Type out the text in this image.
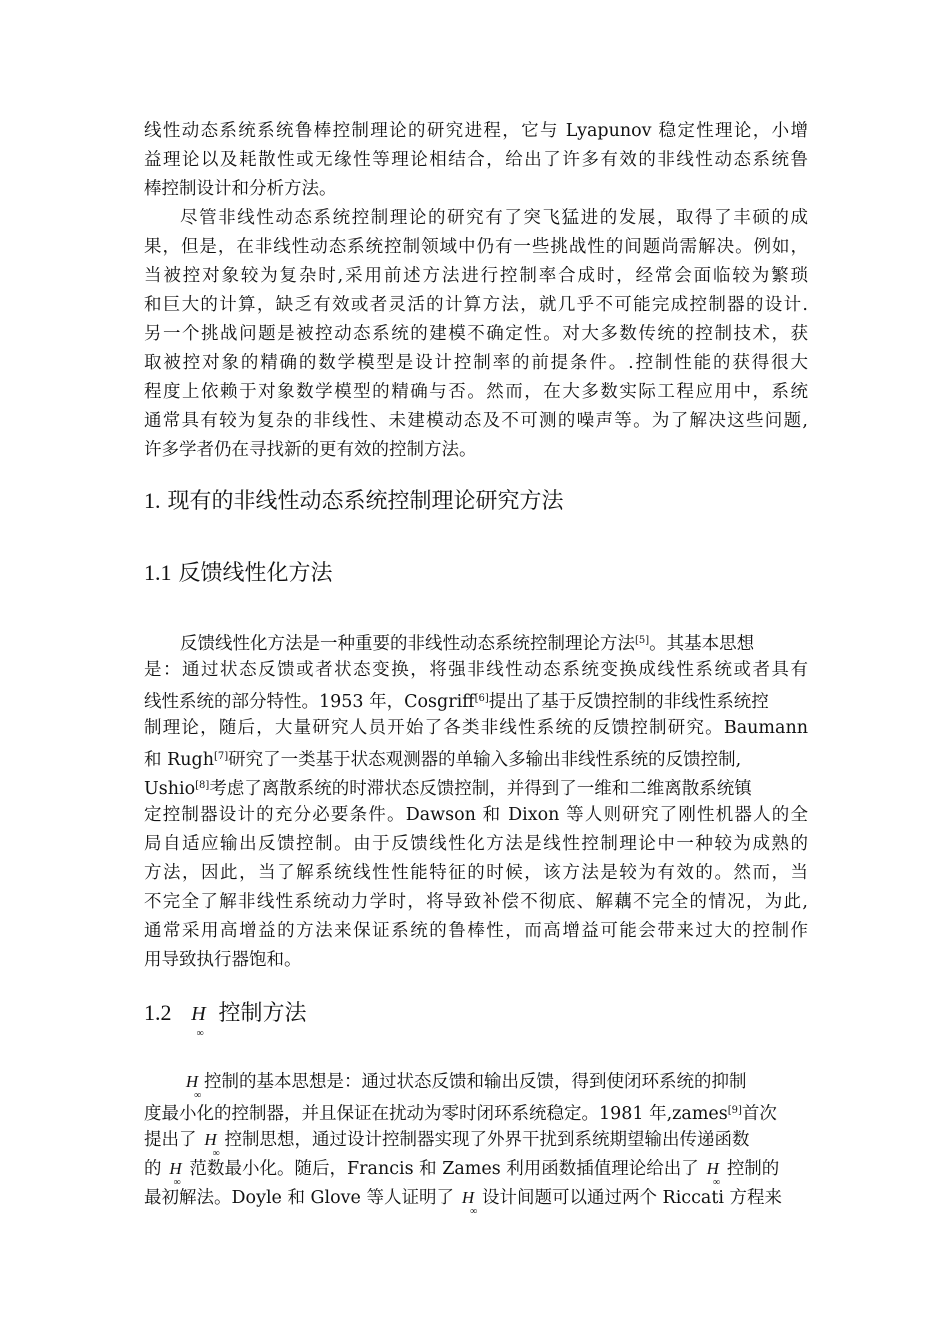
线性动态系统系统鲁棒控制理论的研究进程，它与 Lyapunov 稳定性理论，小增
益理论以及耗散性或无缘性等理论相结合，给出了许多有效的非线性动态系统鲁
棒控制设计和分析方法。
尽管非线性动态系统控制理论的研究有了突飞猛进的发展，取得了丰硕的成
果，但是，在非线性动态系统控制领域中仍有一些挑战性的间题尚需解决。例如，
当被控对象较为复杂时,采用前述方法进行控制率合成时，经常会面临较为繁琐
和巨大的计算，缺乏有效或者灵活的计算方法，就几乎不可能完成控制器的设计.
另一个挑战问题是被控动态系统的建模不确定性。对大多数传统的控制技术，获
取被控对象的精确的数学模型是设计控制率的前提条件。.控制性能的获得很大
程度上依赖于对象数学模型的精确与否。然而，在大多数实际工程应用中，系统
通常具有较为复杂的非线性、未建模动态及不可测的噪声等。为了解决这些问题,
许多学者仍在寻找新的更有效的控制方法。
1. 现有的非线性动态系统控制理论研究方法
1.1 反馈线性化方法
反馈线性化方法是一种重要的非线性动态系统控制理论方法[5]。其基本思想
是：通过状态反馈或者状态变换，将强非线性动态系统变换成线性系统或者具有
线性系统的部分特性。1953 年，Cosgriff[6]提出了基于反馈控制的非线性系统控
制理论，随后，大量研究人员开始了各类非线性系统的反馈控制研究。Baumann
和 Rugh[7]研究了一类基于状态观测器的单输入多输出非线性系统的反馈控制,
Ushio[8]考虑了离散系统的时滞状态反馈控制，并得到了一维和二维离散系统镇
定控制器设计的充分必要条件。Dawson 和 Dixon 等人则研究了刚性机器人的全
局自适应输出反馈控制。由于反馈线性化方法是线性控制理论中一种较为成熟的
方法，因此，当了解系统线性性能特征的时候，该方法是较为有效的。然而，当
不完全了解非线性系统动力学时，将导致补偿不彻底、解藕不完全的情况，为此,
通常采用高增益的方法来保证系统的鲁棒性，而高增益可能会带来过大的控制作
用导致执行器饱和。
1.2 H
∞
控制方法
H
∞
控制的基本思想是：通过状态反馈和输出反馈，得到使闭环系统的抑制
度最小化的控制器，并且保证在扰动为零时闭环系统稳定。1981 年,zames[9]首次
提出了 H
∞
控制思想，通过设计控制器实现了外界干扰到系统期望输出传递函数
的 H
∞
范数最小化。随后，Francis 和 Zames 利用函数插值理论给出了 H
∞
控制的
最初解法。Doyle 和 Glove 等人证明了 H
∞
设计间题可以通过两个 Riccati 方程来
